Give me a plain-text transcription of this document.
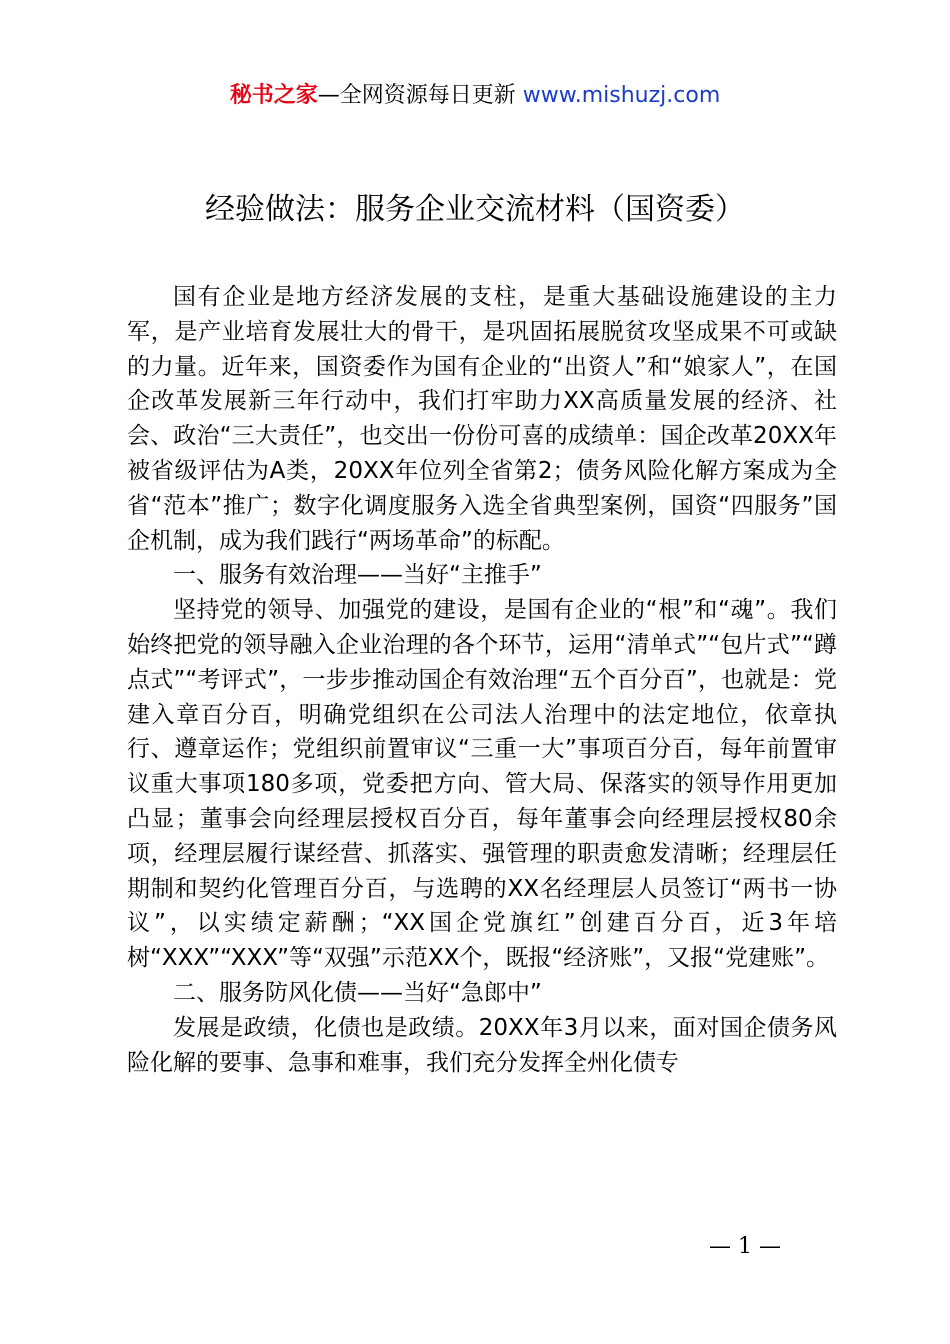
秘书之家—全网资源每日更新 www.mishuzj.com
经验做法：服务企业交流材料（国资委）

国有企业是地方经济发展的支柱，是重大基础设施建设的主力军，是产业培育发展壮大的骨干，是巩固拓展脱贫攻坚成果不可或缺的力量。近年来，国资委作为国有企业的“出资人”和“娘家人”，在国企改革发展新三年行动中，我们打牢助力XX高质量发展的经济、社会、政治“三大责任”，也交出一份份可喜的成绩单：国企改革20XX年被省级评估为A类，20XX年位列全省第2；债务风险化解方案成为全省“范本”推广；数字化调度服务入选全省典型案例，国资“四服务”国企机制，成为我们践行“两场革命”的标配。

一、服务有效治理——当好“主推手”

坚持党的领导、加强党的建设，是国有企业的“根”和“魂”。我们始终把党的领导融入企业治理的各个环节，运用“清单式”“包片式”“蹲点式”“考评式”，一步步推动国企有效治理“五个百分百”，也就是：党建入章百分百，明确党组织在公司法人治理中的法定地位，依章执行、遵章运作；党组织前置审议“三重一大”事项百分百，每年前置审议重大事项180多项，党委把方向、管大局、保落实的领导作用更加凸显；董事会向经理层授权百分百，每年董事会向经理层授权80余项，经理层履行谋经营、抓落实、强管理的职责愈发清晰；经理层任期制和契约化管理百分百，与选聘的XX名经理层人员签订“两书一协议”，以实绩定薪酬；“XX国企党旗红”创建百分百，近3年培树“XXX”“XXX”等“双强”示范XX个，既报“经济账”，又报“党建账”。

二、服务防风化债——当好“急郎中”

发展是政绩，化债也是政绩。20XX年3月以来，面对国企债务风险化解的要事、急事和难事，我们充分发挥全州化债专

— 1 —
